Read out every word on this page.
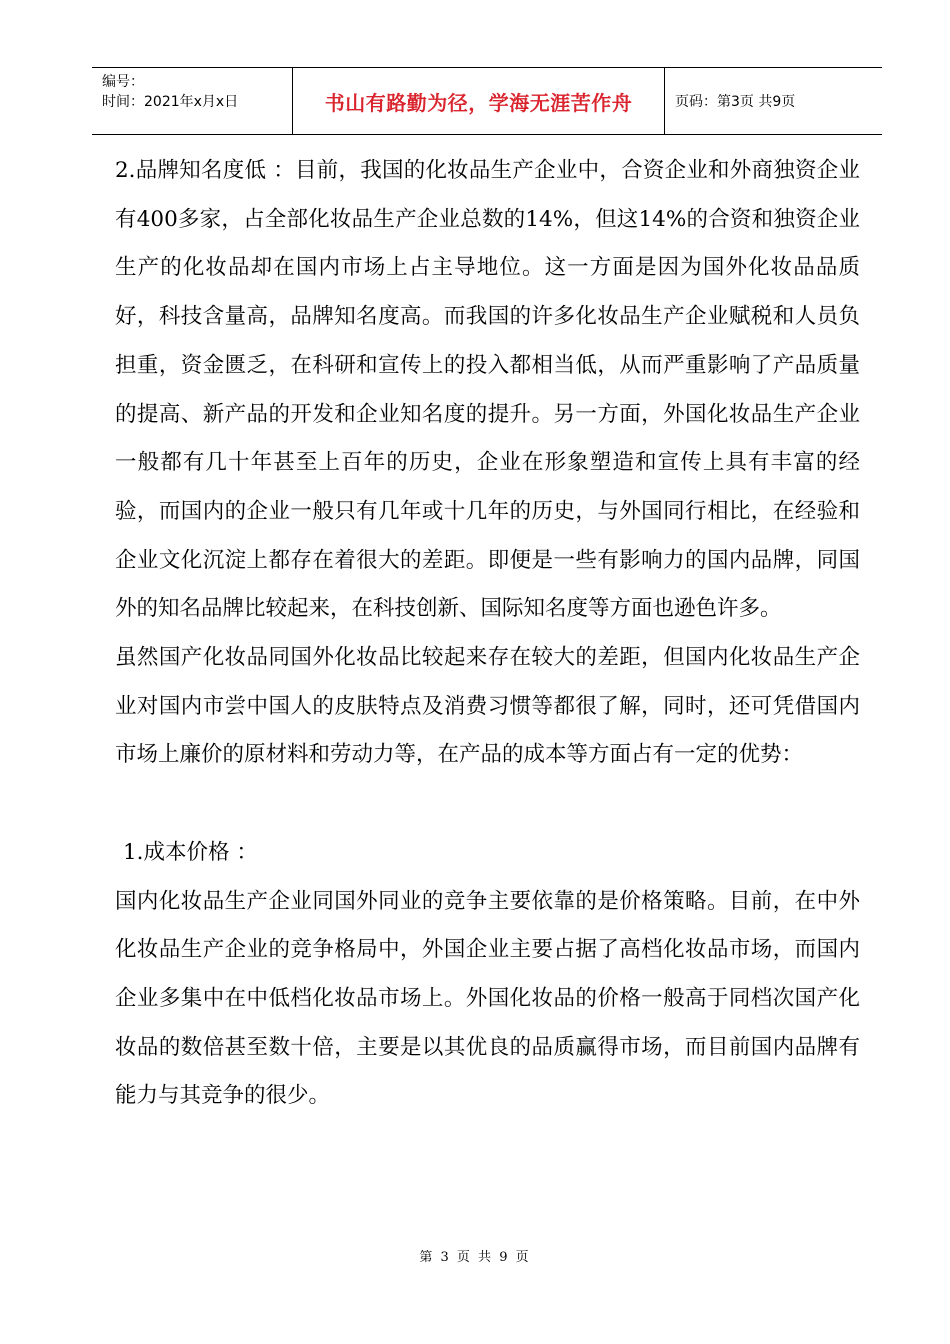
编号：
时间：2021年x月x日	书山有路勤为径，学海无涯苦作舟	页码：第3页 共9页

2.品牌知名度低 ：目前，我国的化妆品生产企业中，合资企业和外商独资企业有400多家，占全部化妆品生产企业总数的14%，但这14%的合资和独资企业生产的化妆品却在国内市场上占主导地位。这一方面是因为国外化妆品品质好，科技含量高，品牌知名度高。而我国的许多化妆品生产企业赋税和人员负担重，资金匮乏，在科研和宣传上的投入都相当低，从而严重影响了产品质量的提高、新产品的开发和企业知名度的提升。另一方面，外国化妆品生产企业一般都有几十年甚至上百年的历史，企业在形象塑造和宣传上具有丰富的经验，而国内的企业一般只有几年或十几年的历史，与外国同行相比，在经验和企业文化沉淀上都存在着很大的差距。即便是一些有影响力的国内品牌，同国外的知名品牌比较起来，在科技创新、国际知名度等方面也逊色许多。

虽然国产化妆品同国外化妆品比较起来存在较大的差距，但国内化妆品生产企业对国内市尝中国人的皮肤特点及消费习惯等都很了解，同时，还可凭借国内市场上廉价的原材料和劳动力等，在产品的成本等方面占有一定的优势：

1.成本价格 ：

国内化妆品生产企业同国外同业的竞争主要依靠的是价格策略。目前，在中外化妆品生产企业的竞争格局中，外国企业主要占据了高档化妆品市场，而国内企业多集中在中低档化妆品市场上。外国化妆品的价格一般高于同档次国产化妆品的数倍甚至数十倍，主要是以其优良的品质赢得市场，而目前国内品牌有能力与其竞争的很少。

第 3 页 共 9 页
